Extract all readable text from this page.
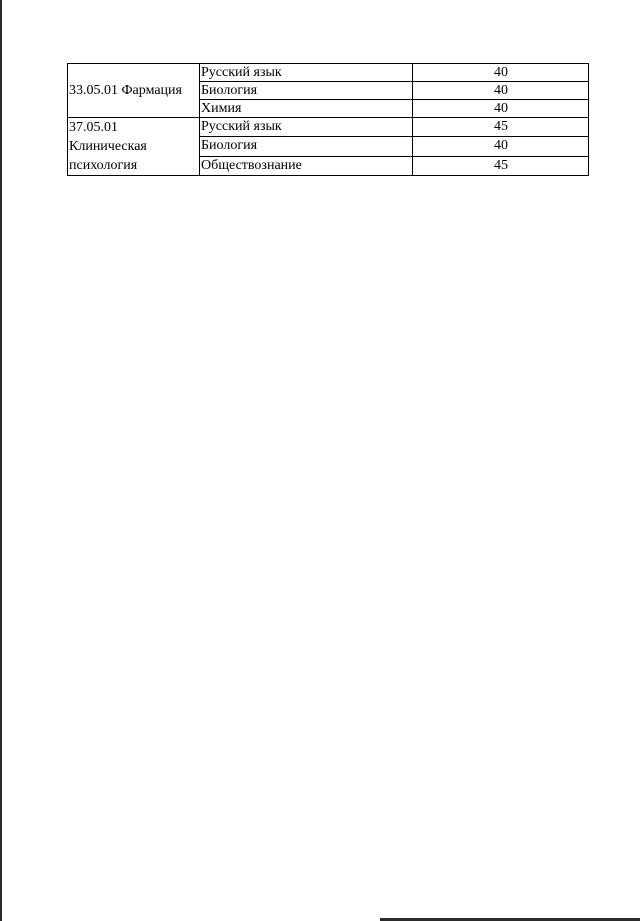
33.05.01 Фармация	Русский язык	40
	Биология	40
	Химия	40

37.05.01
Клиническая
психология	Русский язык	45
	Биология	40
	Обществознание	45
